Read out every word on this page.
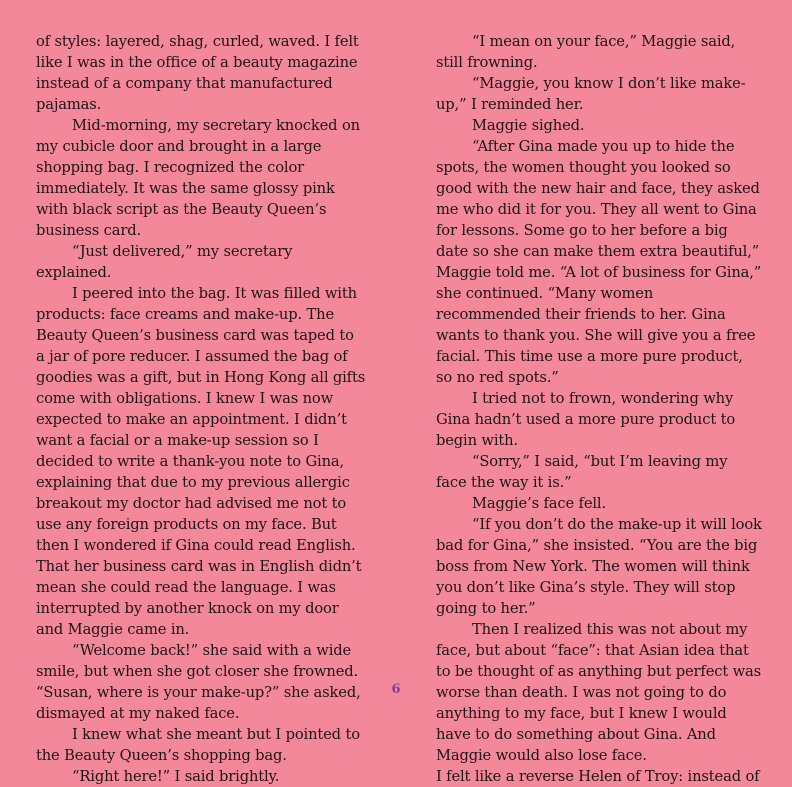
of styles: layered, shag, curled, waved. I felt like I was in the office of a beauty magazine instead of a company that manufactured pajamas.

Mid-morning, my secretary knocked on my cubicle door and brought in a large shopping bag. I recognized the color immediately. It was the same glossy pink with black script as the Beauty Queen’s business card.

“Just delivered,” my secretary explained.

I peered into the bag. It was filled with products: face creams and make-up. The Beauty Queen’s business card was taped to a jar of pore reducer. I assumed the bag of goodies was a gift, but in Hong Kong all gifts come with obligations. I knew I was now expected to make an appointment. I didn’t want a facial or a make-up session so I decided to write a thank-you note to Gina, explaining that due to my previous allergic breakout my doctor had advised me not to use any foreign products on my face. But then I wondered if Gina could read English. That her business card was in English didn’t mean she could read the language. I was interrupted by another knock on my door and Maggie came in.

“Welcome back!” she said with a wide smile, but when she got closer she frowned. “Susan, where is your make-up?” she asked, dismayed at my naked face.

I knew what she meant but I pointed to the Beauty Queen’s shopping bag.

“Right here!” I said brightly.

“I mean on your face,” Maggie said, still frowning.

“Maggie, you know I don’t like make-up,” I reminded her.

Maggie sighed.

“After Gina made you up to hide the spots, the women thought you looked so good with the new hair and face, they asked me who did it for you. They all went to Gina for lessons. Some go to her before a big date so she can make them extra beautiful,” Maggie told me. “A lot of business for Gina,” she continued. “Many women recommended their friends to her. Gina wants to thank you. She will give you a free facial. This time use a more pure product, so no red spots.”

I tried not to frown, wondering why Gina hadn’t used a more pure product to begin with.

“Sorry,” I said, “but I’m leaving my face the way it is.”

Maggie’s face fell.

“If you don’t do the make-up it will look bad for Gina,” she insisted. “You are the big boss from New York. The women will think you don’t like Gina’s style. They will stop going to her.”

Then I realized this was not about my face, but about “face”: that Asian idea that to be thought of as anything but perfect was worse than death. I was not going to do anything to my face, but I knew I would have to do something about Gina. And Maggie would also lose face.

I felt like a reverse Helen of Troy: instead of

6
